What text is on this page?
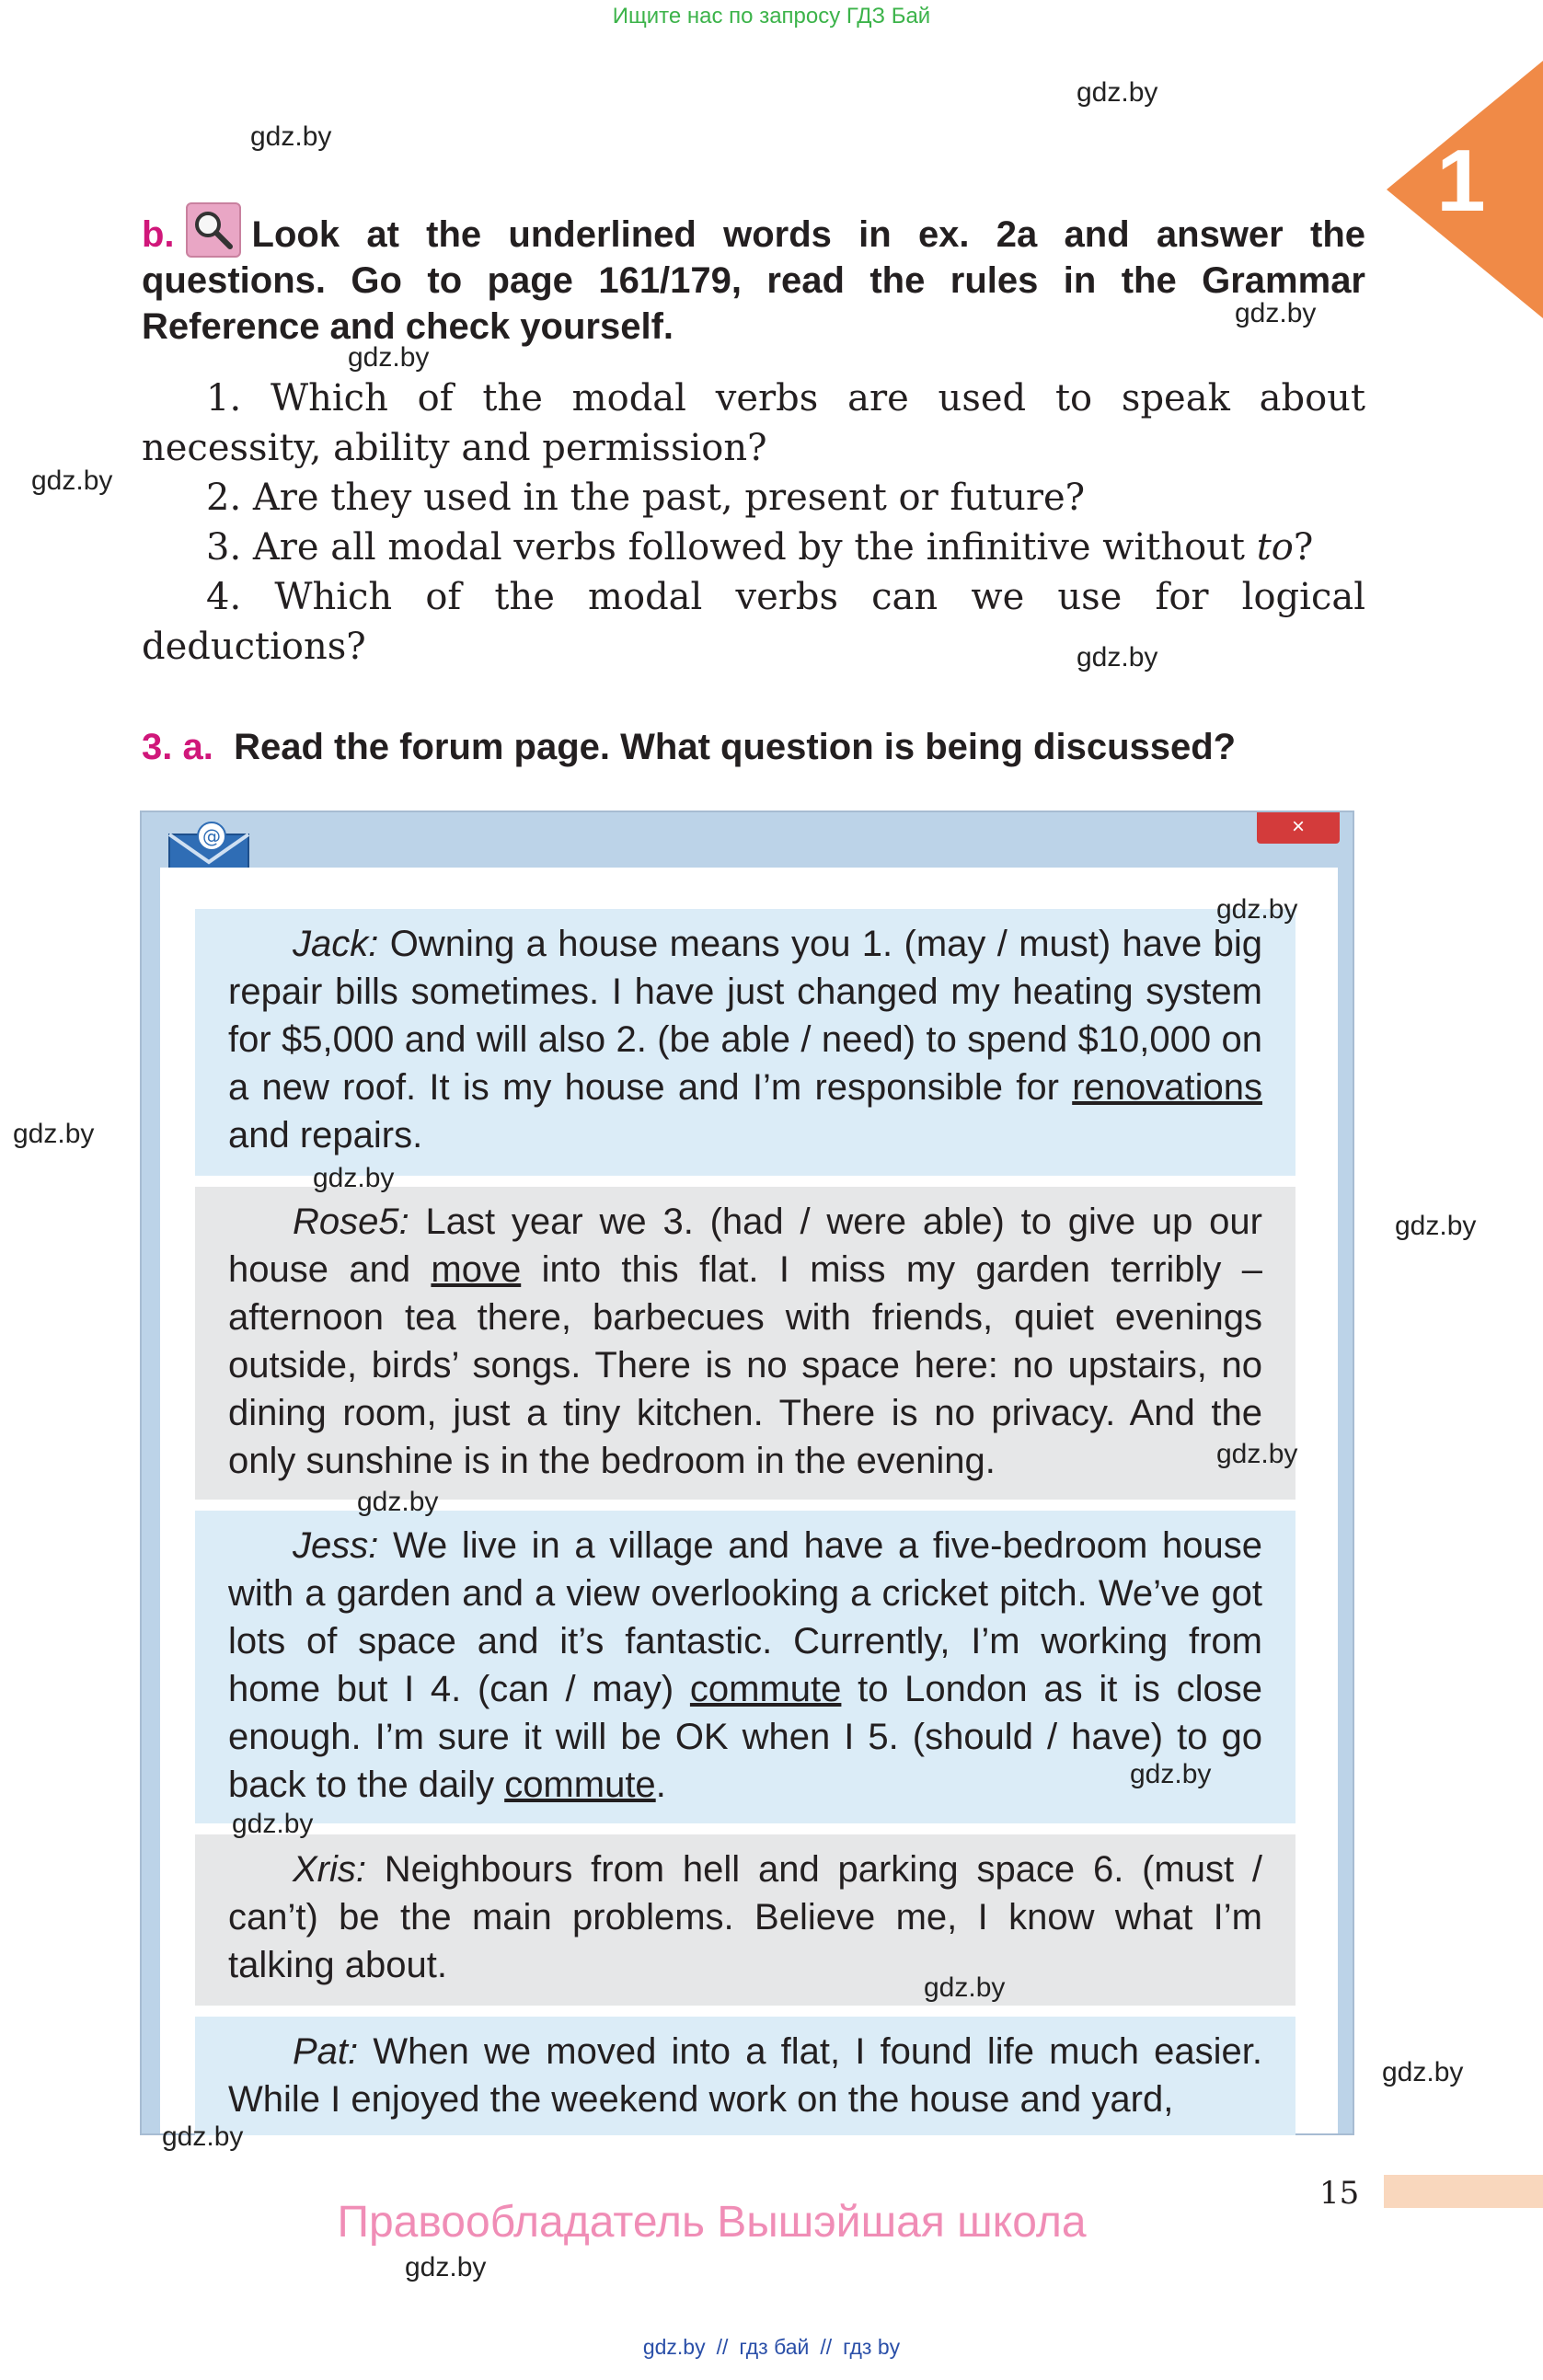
Ищите нас по запросу ГДЗ Бай
gdz.by
gdz.by
gdz.by
gdz.by
gdz.by
gdz.by
gdz.by
gdz.by
gdz.by
gdz.by
gdz.by
gdz.by
gdz.by
gdz.by
gdz.by
gdz.by
gdz.by
gdz.by
1
b. Look at the underlined words in ex. 2a and answer the questions. Go to page 161/179, read the rules in the Grammar Reference and check yourself.

1. Which of the modal verbs are used to speak about necessity, ability and permission?

2. Are they used in the past, present or future?

3. Are all modal verbs followed by the infinitive without to?

4. Which of the modal verbs can we use for logical deductions?

3. a. Read the forum page. What question is being discussed?
@	×
Jack: Owning a house means you 1. (may / must) have big repair bills sometimes. I have just changed my heating system for $5,000 and will also 2. (be able / need) to spend $10,000 on a new roof. It is my house and I’m responsible for renovations and repairs.
Rose5: Last year we 3. (had / were able) to give up our house and move into this flat. I miss my garden terribly – afternoon tea there, barbecues with friends, quiet evenings outside, birds’ songs. There is no space here: no upstairs, no dining room, just a tiny kitchen. There is no privacy. And the only sunshine is in the bedroom in the evening.
Jess: We live in a village and have a five-bedroom house with a garden and a view overlooking a cricket pitch. We’ve got lots of space and it’s fantastic. Currently, I’m working from home but I 4. (can / may) commute to London as it is close enough. I’m sure it will be OK when I 5. (should / have) to go back to the daily commute.
Xris: Neighbours from hell and parking space 6. (must / can’t) be the main problems. Believe me, I know what I’m talking about.
Pat: When we moved into a flat, I found life much easier. While I enjoyed the weekend work on the house and yard,
15
Правообладатель Вышэйшая школа
gdz.by // гдз бай // гдз by
